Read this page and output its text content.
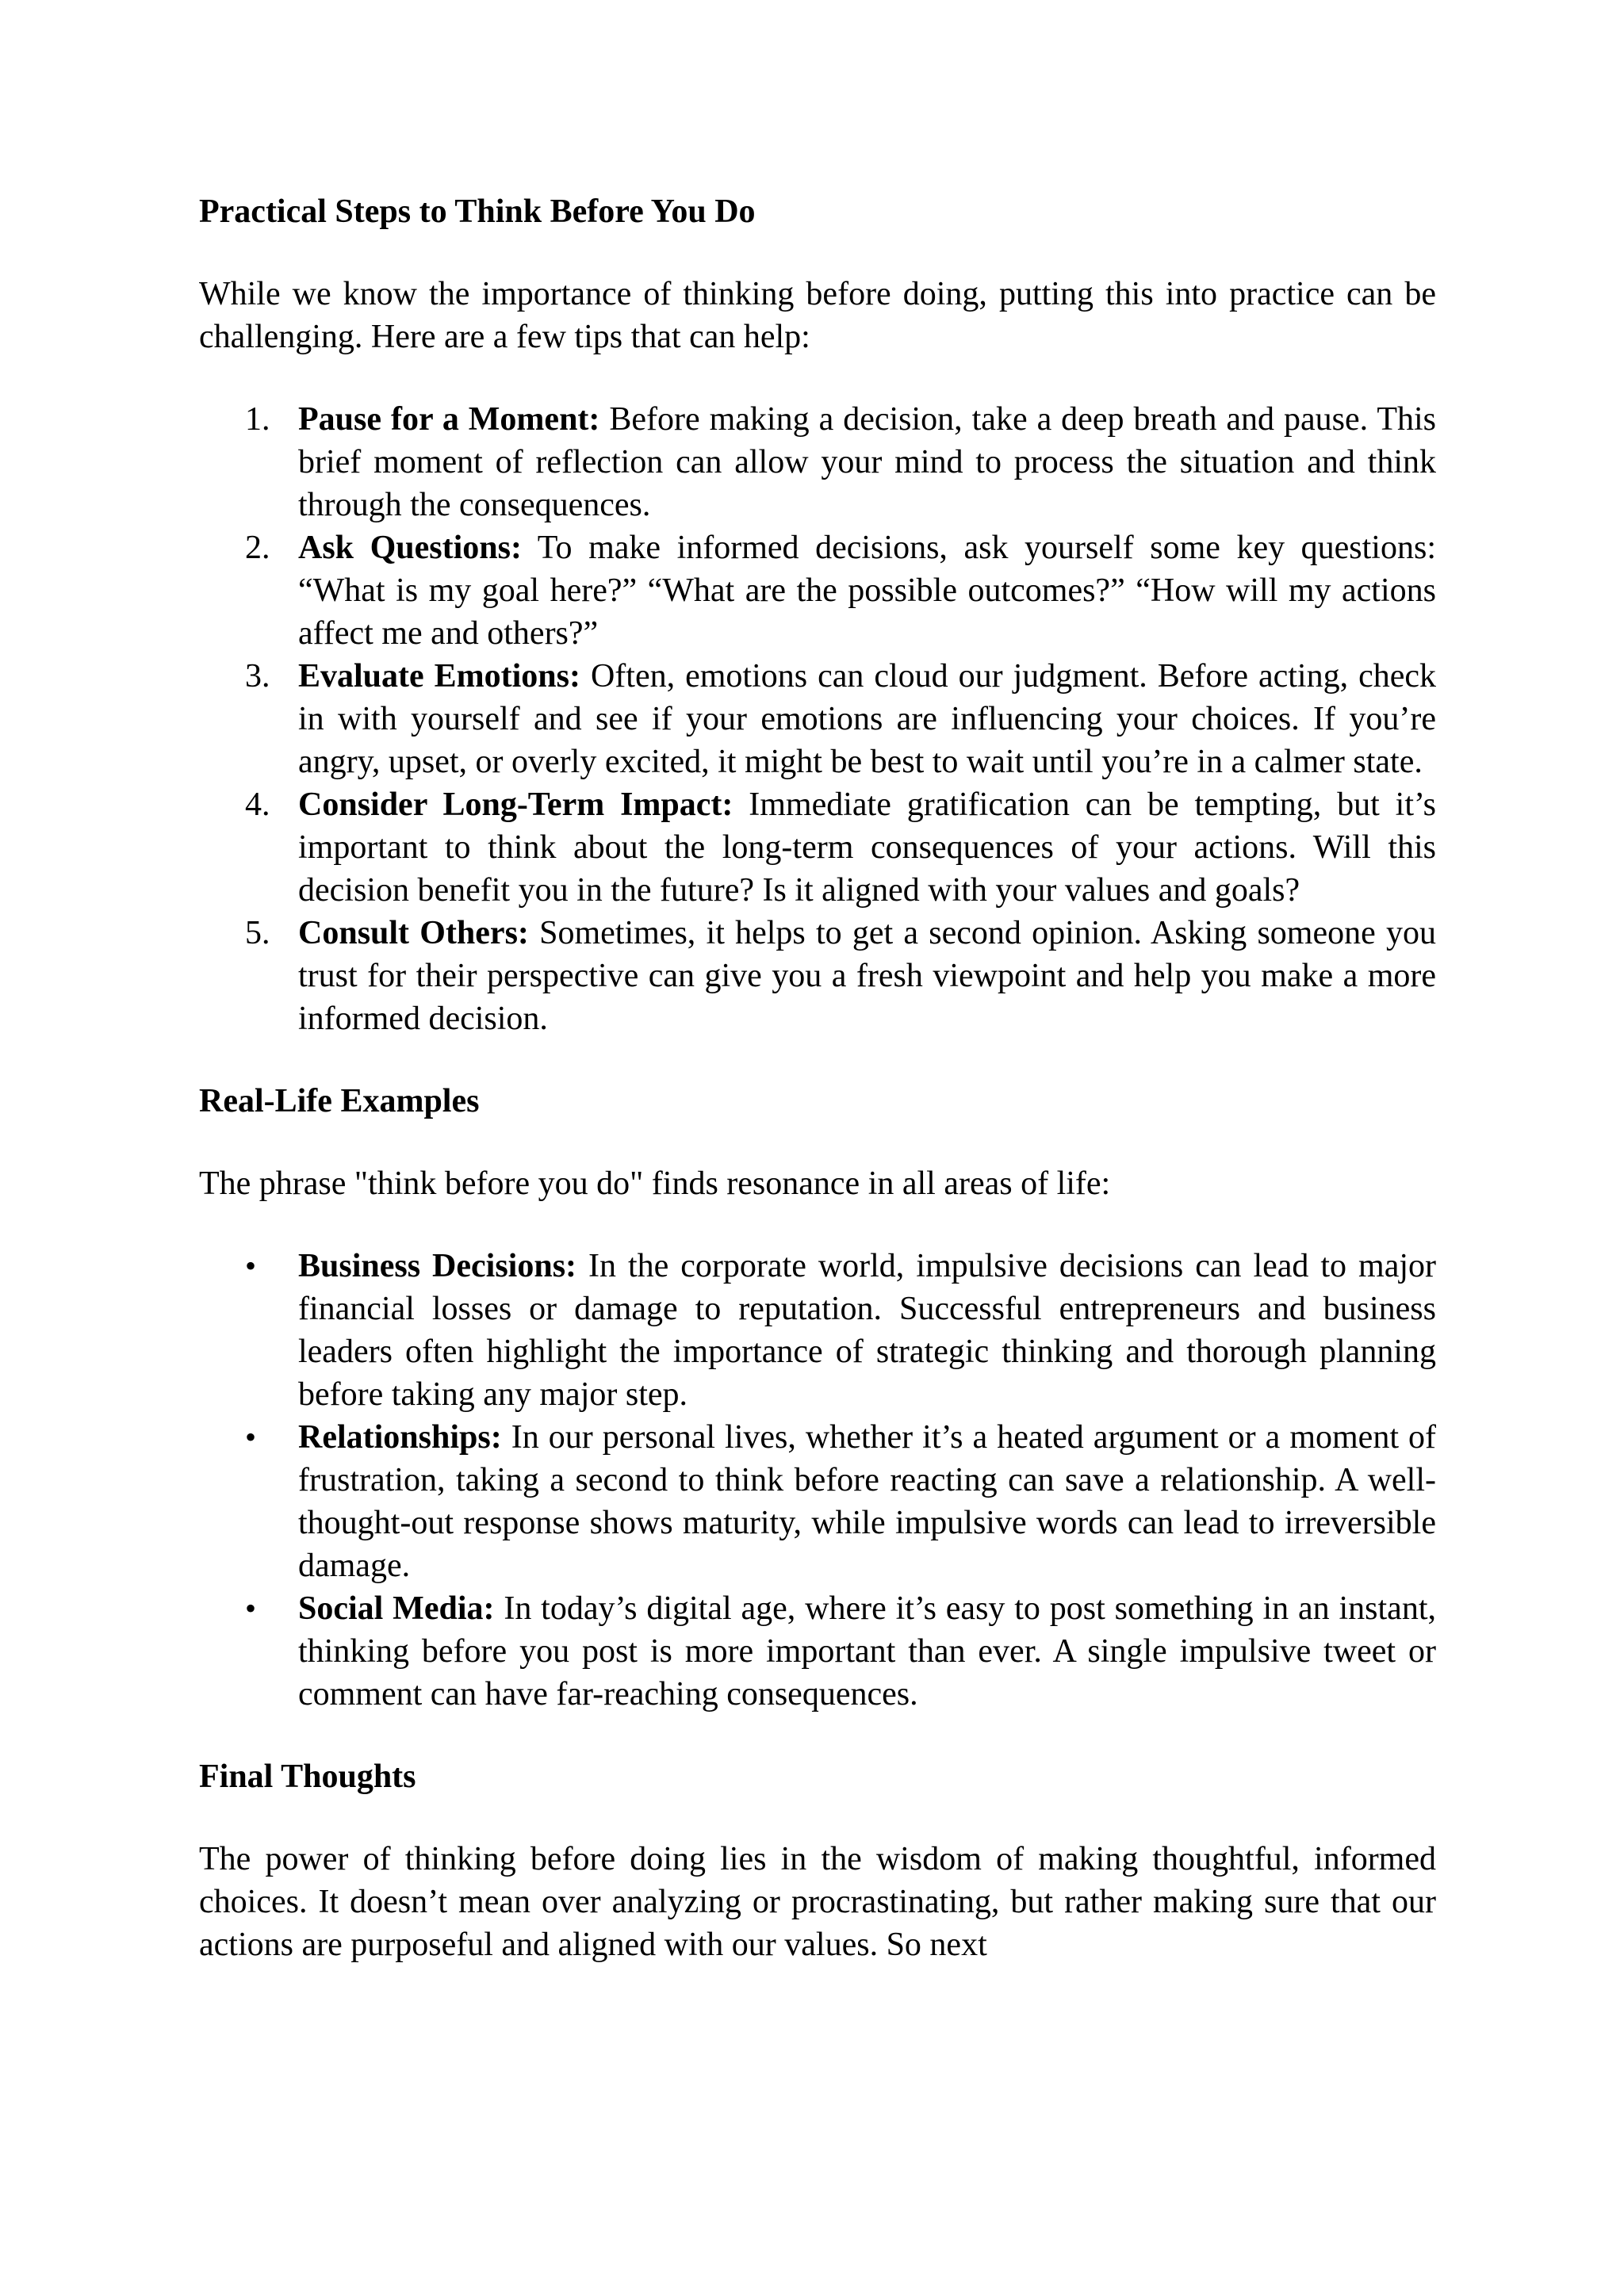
Practical Steps to Think Before You Do

While we know the importance of thinking before doing, putting this into practice can be challenging. Here are a few tips that can help:

1. Pause for a Moment: Before making a decision, take a deep breath and pause. This brief moment of reflection can allow your mind to process the situation and think through the consequences.
2. Ask Questions: To make informed decisions, ask yourself some key questions: “What is my goal here?” “What are the possible outcomes?” “How will my actions affect me and others?”
3. Evaluate Emotions: Often, emotions can cloud our judgment. Before acting, check in with yourself and see if your emotions are influencing your choices. If you’re angry, upset, or overly excited, it might be best to wait until you’re in a calmer state.
4. Consider Long-Term Impact: Immediate gratification can be tempting, but it’s important to think about the long-term consequences of your actions. Will this decision benefit you in the future? Is it aligned with your values and goals?
5. Consult Others: Sometimes, it helps to get a second opinion. Asking someone you trust for their perspective can give you a fresh viewpoint and help you make a more informed decision.
Real-Life Examples

The phrase "think before you do" finds resonance in all areas of life:

• Business Decisions: In the corporate world, impulsive decisions can lead to major financial losses or damage to reputation. Successful entrepreneurs and business leaders often highlight the importance of strategic thinking and thorough planning before taking any major step.
• Relationships: In our personal lives, whether it’s a heated argument or a moment of frustration, taking a second to think before reacting can save a relationship. A well-thought-out response shows maturity, while impulsive words can lead to irreversible damage.
• Social Media: In today’s digital age, where it’s easy to post something in an instant, thinking before you post is more important than ever. A single impulsive tweet or comment can have far-reaching consequences.
Final Thoughts

The power of thinking before doing lies in the wisdom of making thoughtful, informed choices. It doesn’t mean over analyzing or procrastinating, but rather making sure that our actions are purposeful and aligned with our values. So next
